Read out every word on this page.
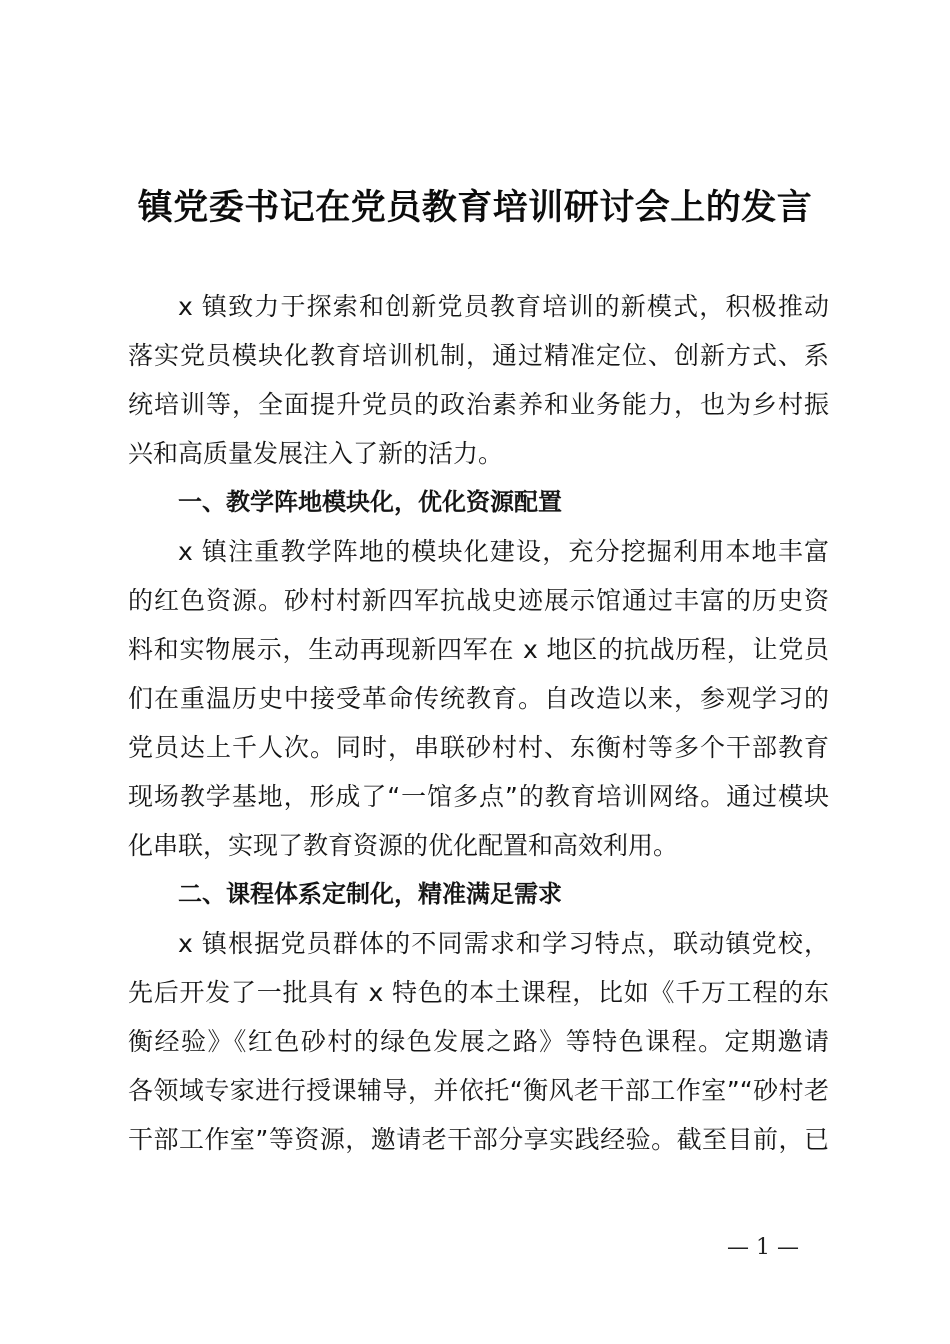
镇党委书记在党员教育培训研讨会上的发言
x 镇致力于探索和创新党员教育培训的新模式，积极推动
落实党员模块化教育培训机制，通过精准定位、创新方式、系
统培训等，全面提升党员的政治素养和业务能力，也为乡村振
兴和高质量发展注入了新的活力。
一、教学阵地模块化，优化资源配置
x 镇注重教学阵地的模块化建设，充分挖掘利用本地丰富
的红色资源。砂村村新四军抗战史迹展示馆通过丰富的历史资
料和实物展示，生动再现新四军在 x 地区的抗战历程，让党员
们在重温历史中接受革命传统教育。自改造以来，参观学习的
党员达上千人次。同时，串联砂村村、东衡村等多个干部教育
现场教学基地，形成了“一馆多点”的教育培训网络。通过模块
化串联，实现了教育资源的优化配置和高效利用。
二、课程体系定制化，精准满足需求
x 镇根据党员群体的不同需求和学习特点，联动镇党校，
先后开发了一批具有 x 特色的本土课程，比如《千万工程的东
衡经验》《红色砂村的绿色发展之路》等特色课程。定期邀请
各领域专家进行授课辅导，并依托“衡风老干部工作室”“砂村老
干部工作室”等资源，邀请老干部分享实践经验。截至目前，已
— 1 —
